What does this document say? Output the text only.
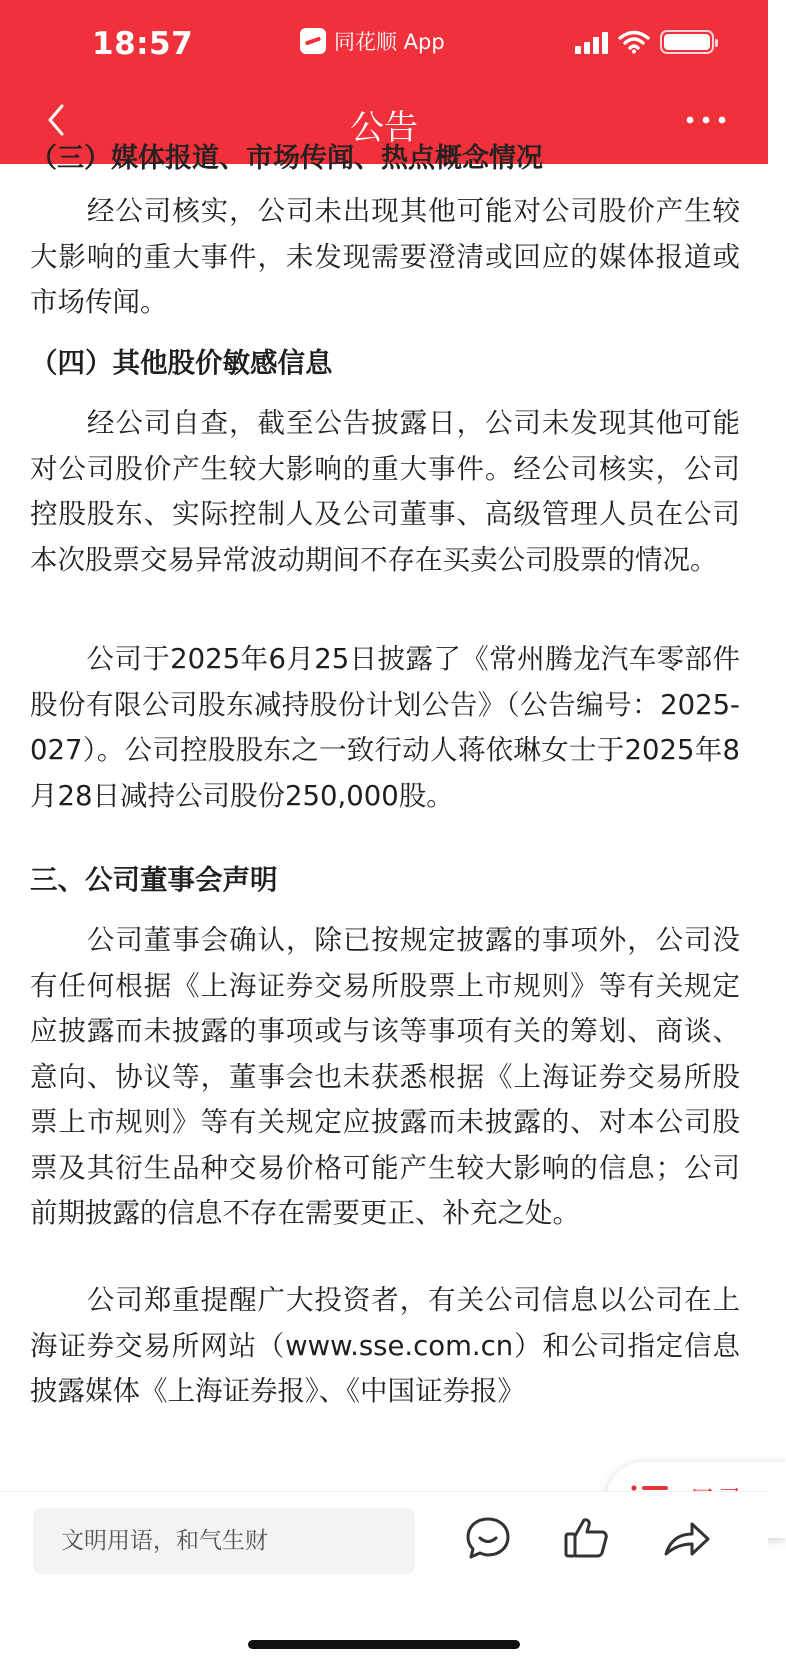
18:57	同花顺 App
公告
（三）媒体报道、市场传闻、热点概念情况

经公司核实，公司未出现其他可能对公司股价产生较大影响的重大事件，未发现需要澄清或回应的媒体报道或市场传闻。

（四）其他股价敏感信息

经公司自查，截至公告披露日，公司未发现其他可能对公司股价产生较大影响的重大事件。经公司核实，公司控股股东、实际控制人及公司董事、高级管理人员在公司本次股票交易异常波动期间不存在买卖公司股票的情况。

公司于2025年6月25日披露了《常州腾龙汽车零部件股份有限公司股东减持股份计划公告》（公告编号：2025-027）。公司控股股东之一致行动人蒋依琳女士于2025年8月28日减持公司股份250,000股。

三、公司董事会声明

公司董事会确认，除已按规定披露的事项外，公司没有任何根据《上海证券交易所股票上市规则》等有关规定应披露而未披露的事项或与该等事项有关的筹划、商谈、意向、协议等，董事会也未获悉根据《上海证券交易所股票上市规则》等有关规定应披露而未披露的、对本公司股票及其衍生品种交易价格可能产生较大影响的信息；公司前期披露的信息不存在需要更正、补充之处。

公司郑重提醒广大投资者，有关公司信息以公司在上海证券交易所网站（www.sse.com.cn）和公司指定信息披露媒体《上海证券报》、《中国证券报》

文明用语，和气生财
